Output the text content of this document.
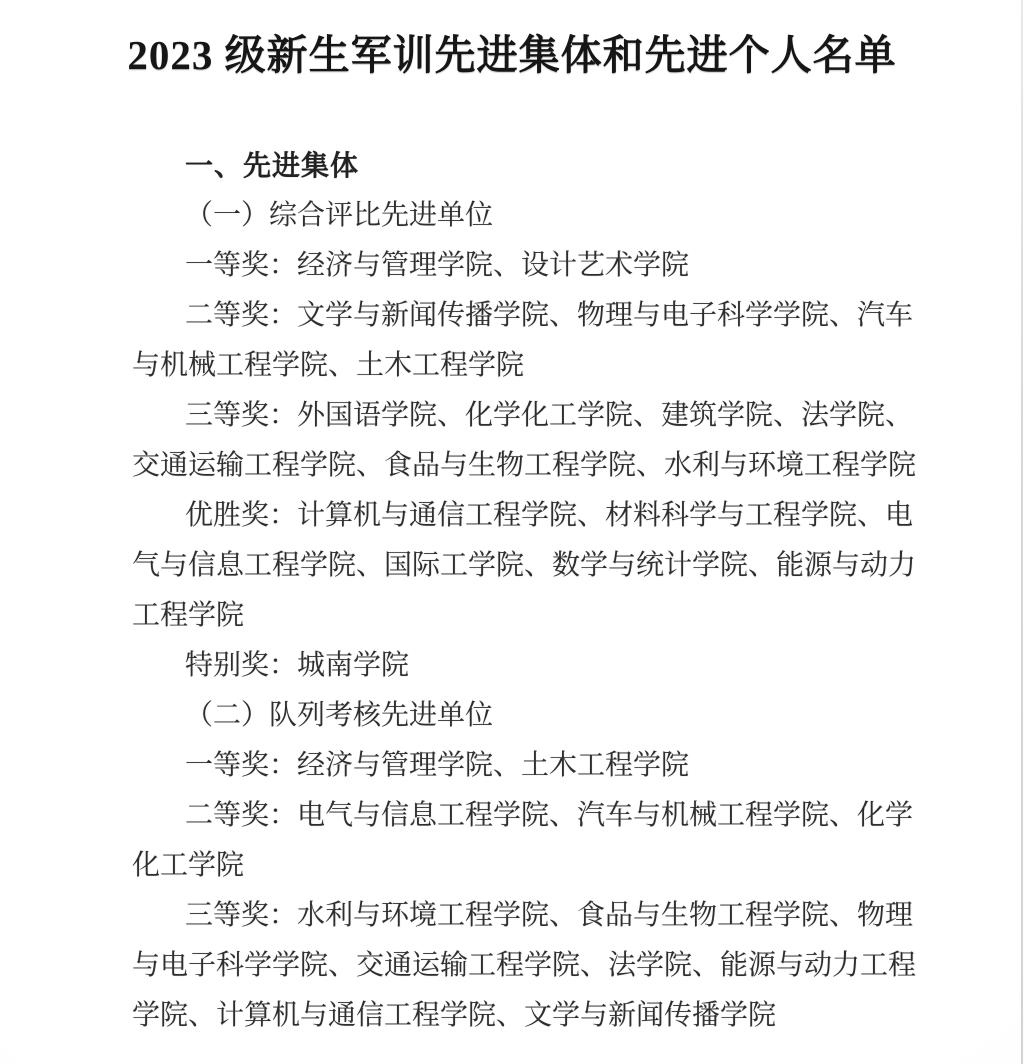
2023 级新生军训先进集体和先进个人名单
一、先进集体
（一）综合评比先进单位
一等奖：经济与管理学院、设计艺术学院
二等奖：文学与新闻传播学院、物理与电子科学学院、汽车
与机械工程学院、土木工程学院
三等奖：外国语学院、化学化工学院、建筑学院、法学院、
交通运输工程学院、食品与生物工程学院、水利与环境工程学院
优胜奖：计算机与通信工程学院、材料科学与工程学院、电
气与信息工程学院、国际工学院、数学与统计学院、能源与动力
工程学院
特别奖：城南学院
（二）队列考核先进单位
一等奖：经济与管理学院、土木工程学院
二等奖：电气与信息工程学院、汽车与机械工程学院、化学
化工学院
三等奖：水利与环境工程学院、食品与生物工程学院、物理
与电子科学学院、交通运输工程学院、法学院、能源与动力工程
学院、计算机与通信工程学院、文学与新闻传播学院
